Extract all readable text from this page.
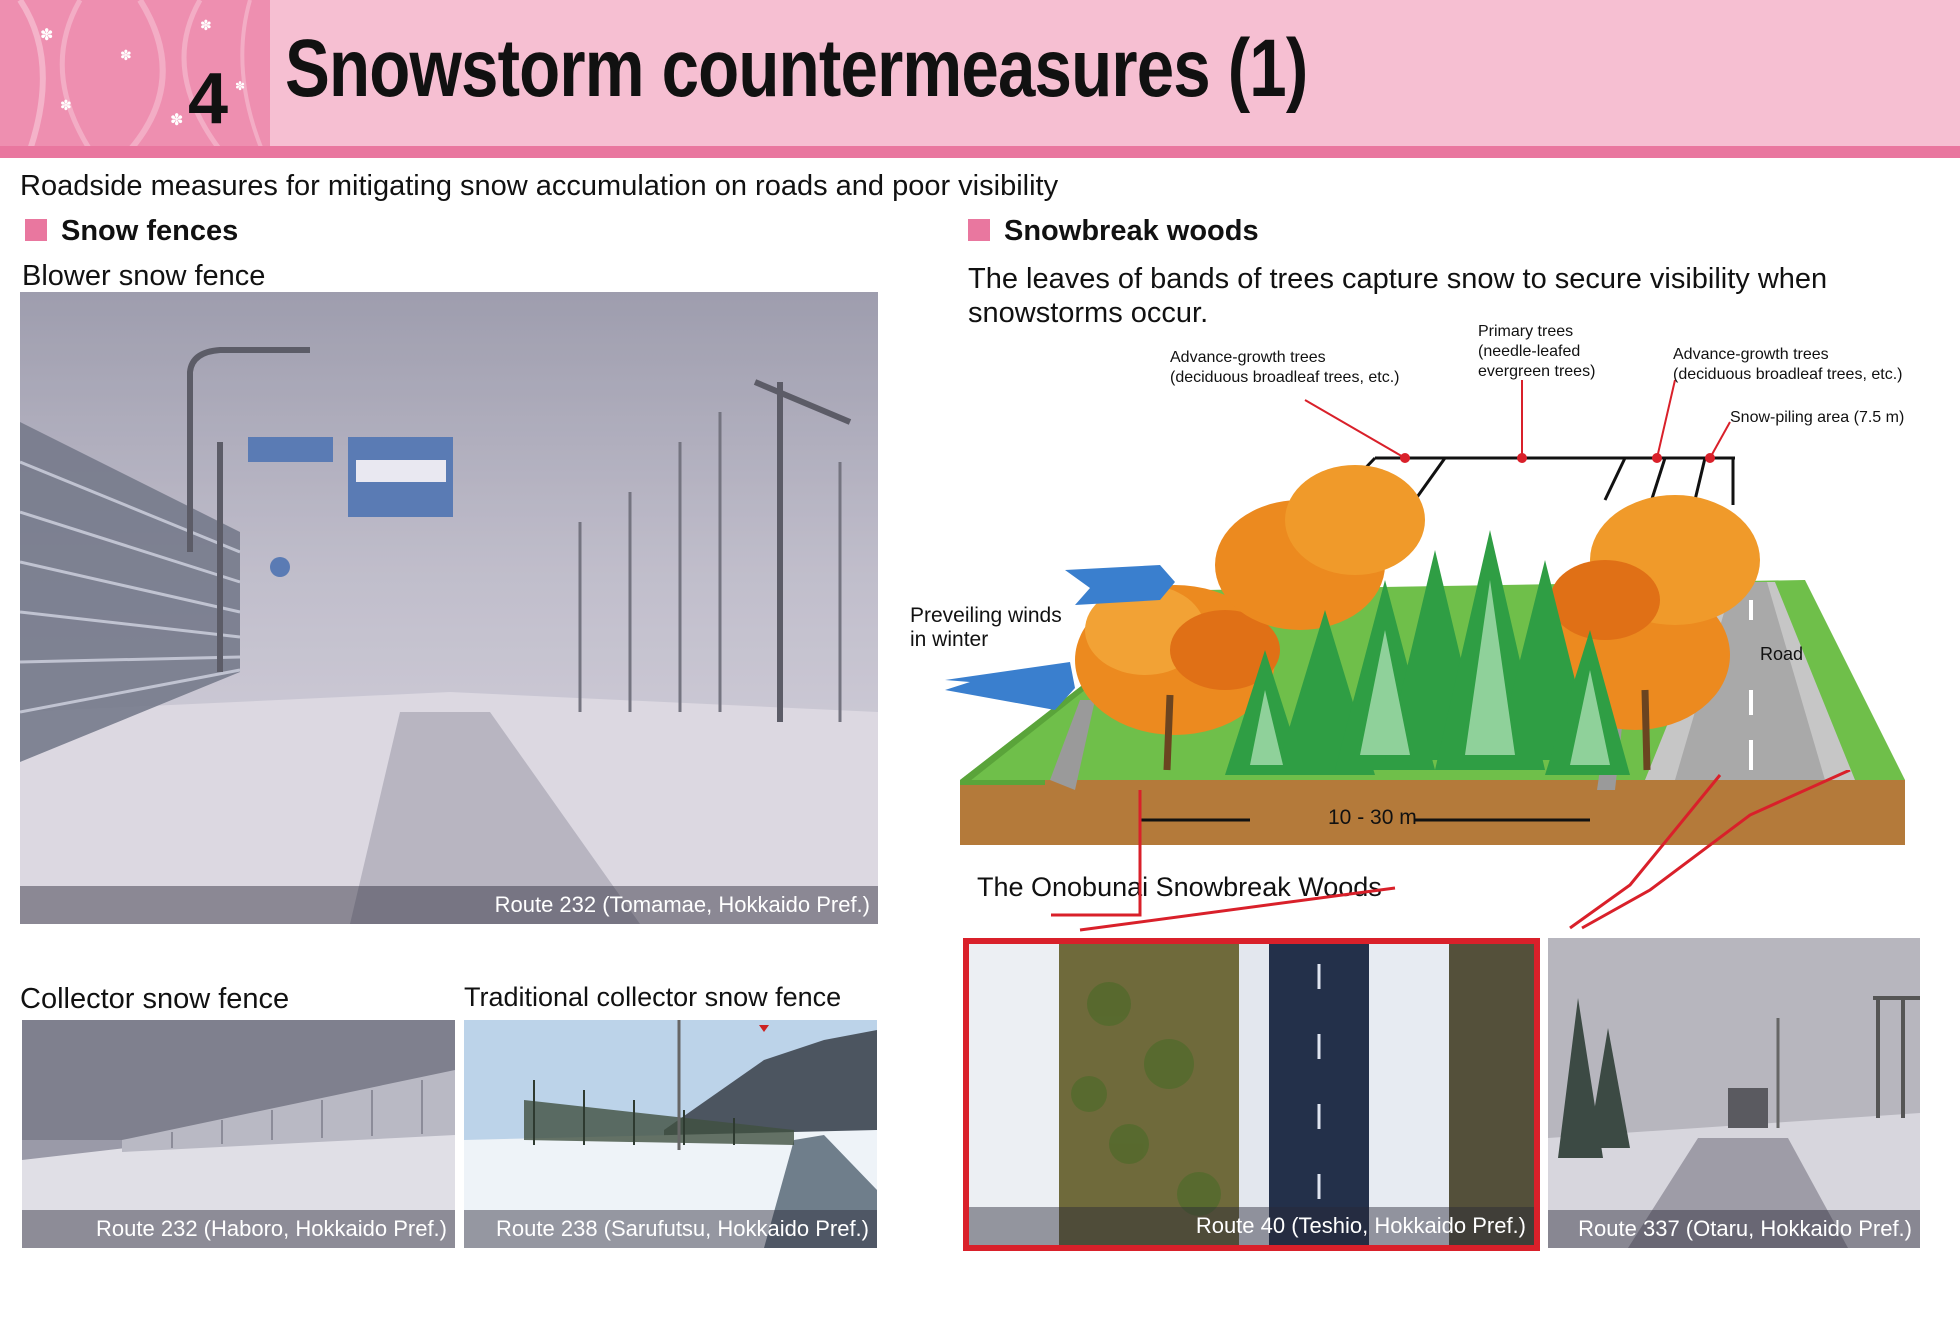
✽
✽
✽
✽
✽
✽
4 Snowstorm countermeasures (1)
Roadside measures for mitigating snow accumulation on roads and poor visibility
Snow fences
Blower snow fence
Route 232 (Tomamae, Hokkaido Pref.)
Collector snow fence	Traditional collector snow fence
Route 232 (Haboro, Hokkaido Pref.)	Route 238 (Sarufutsu, Hokkaido Pref.)
Snowbreak woods
The leaves of bands of trees capture snow to secure visibility when snowstorms occur.
Advance-growth trees
(deciduous broadleaf trees, etc.)
Primary trees
(needle-leafed
evergreen trees)
Advance-growth trees
(deciduous broadleaf trees, etc.)
Snow-piling area (7.5 m)
Preveiling winds
in winter
Road
10 - 30 m
The Onobunai Snowbreak Woods
Route 40 (Teshio, Hokkaido Pref.)	Route 337 (Otaru, Hokkaido Pref.)
